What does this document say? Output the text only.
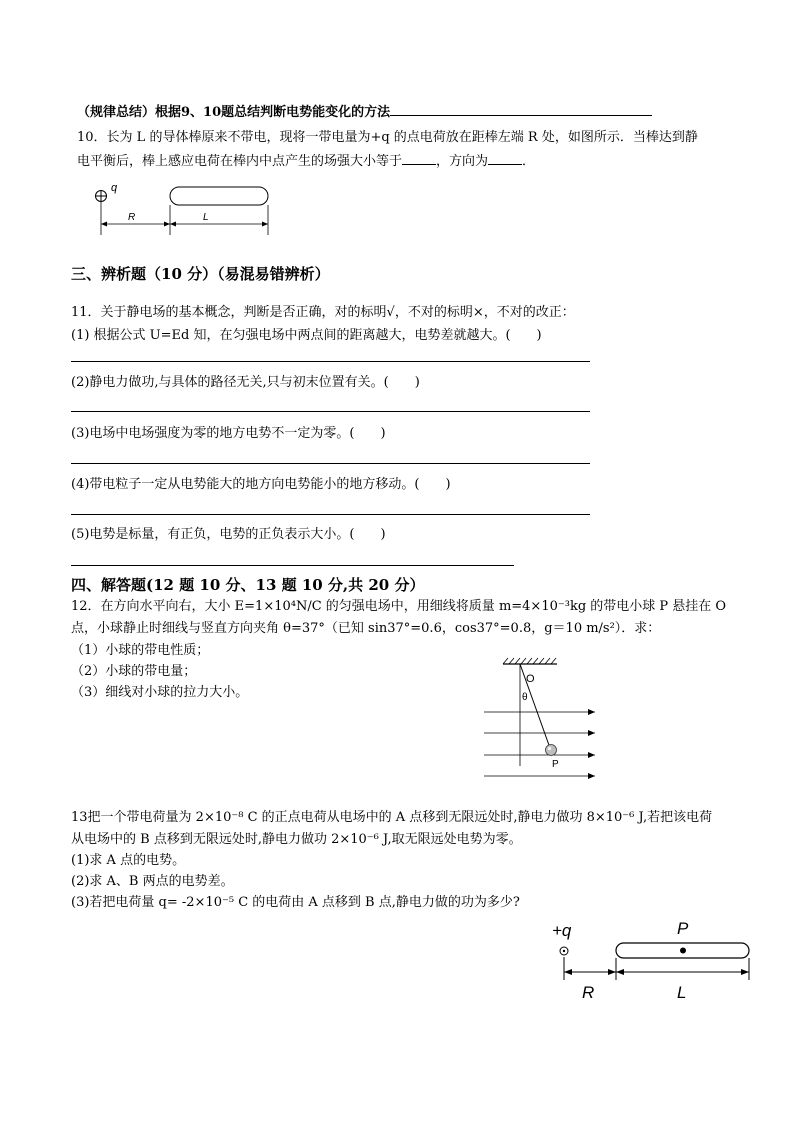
（规律总结）根据9、10题总结判断电势能变化的方法
10．长为 L 的导体棒原来不带电，现将一带电量为+q 的点电荷放在距棒左端 R 处，如图所示．当棒达到静
电平衡后，棒上感应电荷在棒内中点产生的场强大小等于	，方向为	．
q
R	L
三、辨析题（10 分）（易混易错辨析）
11．关于静电场的基本概念，判断是否正确，对的标明√，不对的标明×，不对的改正：
(1) 根据公式 U=Ed 知，在匀强电场中两点间的距离越大，电势差就越大。(　　)
(2)静电力做功,与具体的路径无关,只与初末位置有关。(　　)
(3)电场中电场强度为零的地方电势不一定为零。(　　)
(4)带电粒子一定从电势能大的地方向电势能小的地方移动。(　　)
(5)电势是标量，有正负，电势的正负表示大小。(　　)
四、解答题(12 题 10 分、13 题 10 分,共 20 分）
12．在方向水平向右，大小 E=1×10⁴N/C 的匀强电场中，用细线将质量 m=4×10⁻³kg 的带电小球 P 悬挂在 O
点，小球静止时细线与竖直方向夹角 θ=37°（已知 sin37°=0.6，cos37°=0.8，g＝10 m/s²）．求：
（1）小球的带电性质；
（2）小球的带电量；
（3）细线对小球的拉力大小。
O
θ
P
13把一个带电荷量为 2×10⁻⁸ C 的正点电荷从电场中的 A 点移到无限远处时,静电力做功 8×10⁻⁶ J,若把该电荷
从电场中的 B 点移到无限远处时,静电力做功 2×10⁻⁶ J,取无限远处电势为零。
(1)求 A 点的电势。
(2)求 A、B 两点的电势差。
(3)若把电荷量 q= -2×10⁻⁵ C 的电荷由 A 点移到 B 点,静电力做的功为多少?
+q	P
R	L
